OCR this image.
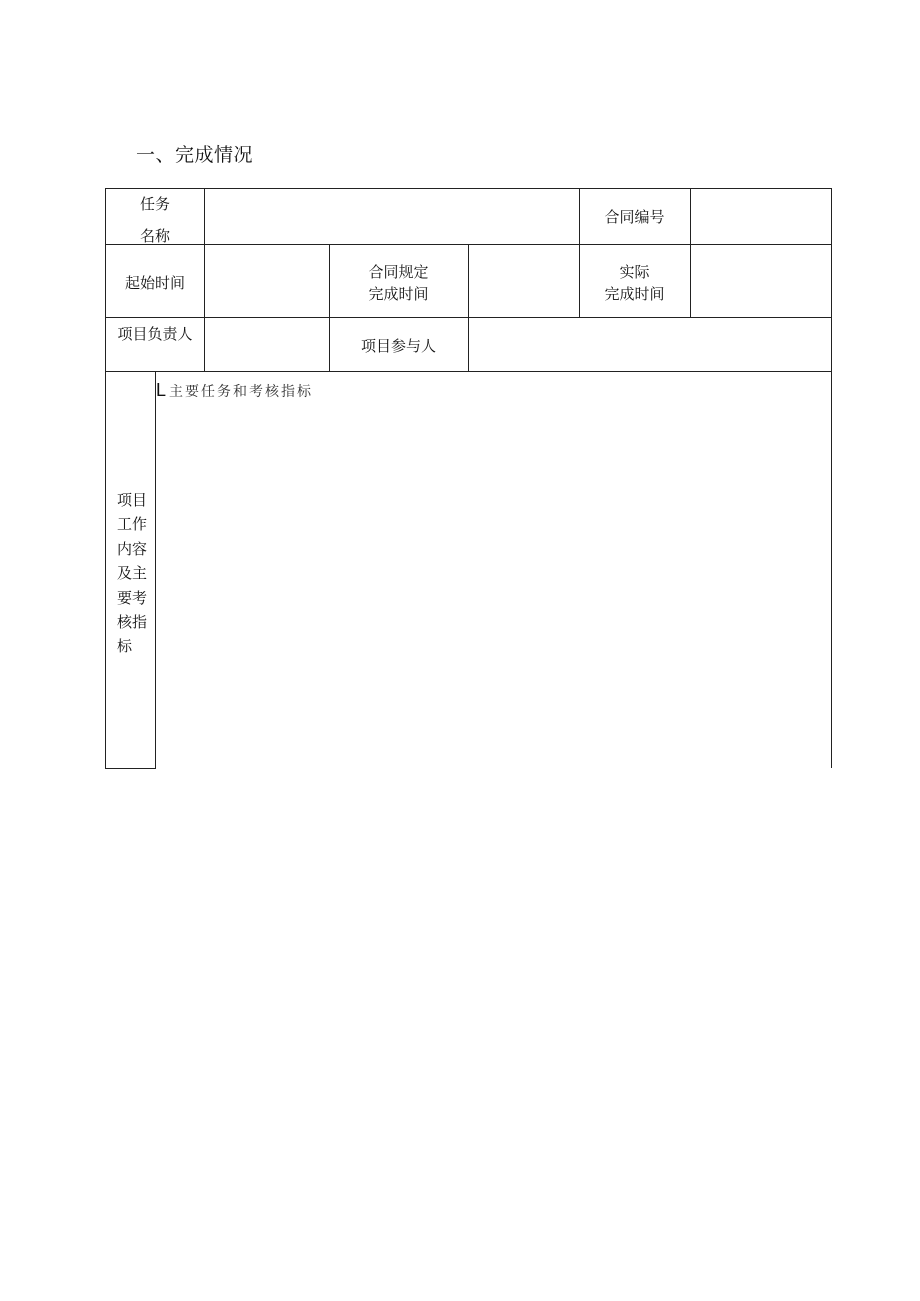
一、完成情况
任务
名称
合同编号
起始时间
合同规定
完成时间
实际
完成时间
项目负责人
项目参与人
项目工作内容及主要考核指标
L 主要任务和考核指标
